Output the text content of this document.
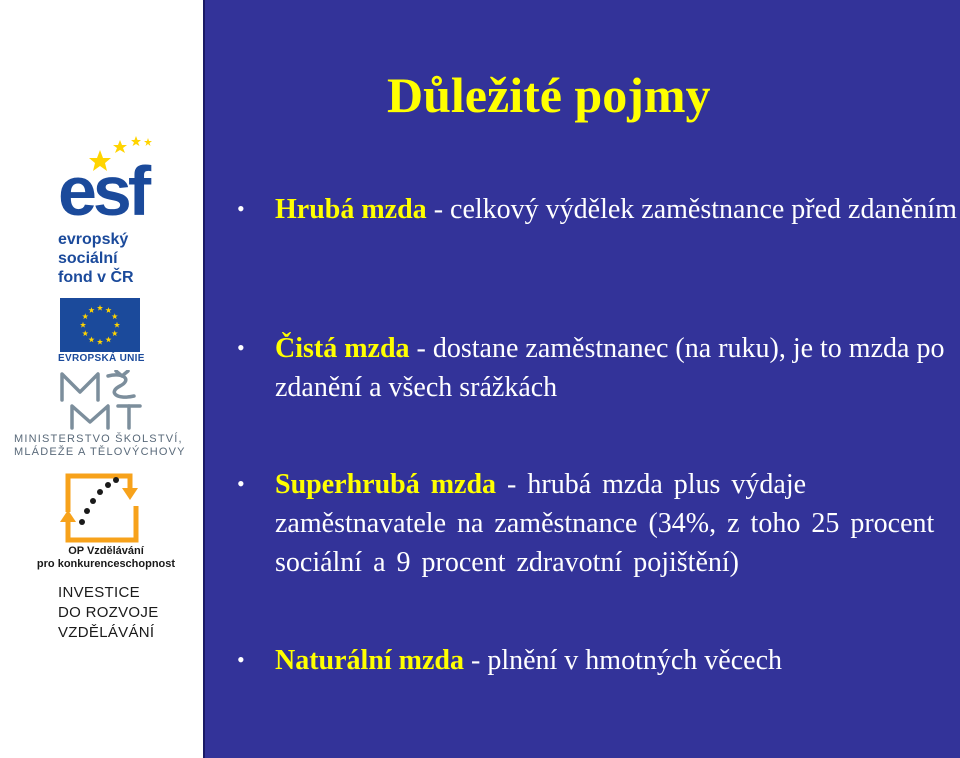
esf
evropský
sociální
fond v ČR
EVROPSKÁ UNIE
MINISTERSTVO ŠKOLSTVÍ,
MLÁDEŽE A TĚLOVÝCHOVY
OP Vzdělávání
pro konkurenceschopnost
INVESTICE
DO ROZVOJE
VZDĚLÁVÁNÍ
Důležité pojmy
• Hrubá mzda - celkový výdělek zaměstnance před zdaněním
• Čistá mzda - dostane zaměstnanec (na ruku), je to mzda po zdanění a všech srážkách
• Superhrubá mzda - hrubá mzda plus výdaje zaměstnavatele na zaměstnance (34%, z toho 25 procent sociální a 9 procent zdravotní pojištění)
• Naturální mzda - plnění v hmotných věcech
